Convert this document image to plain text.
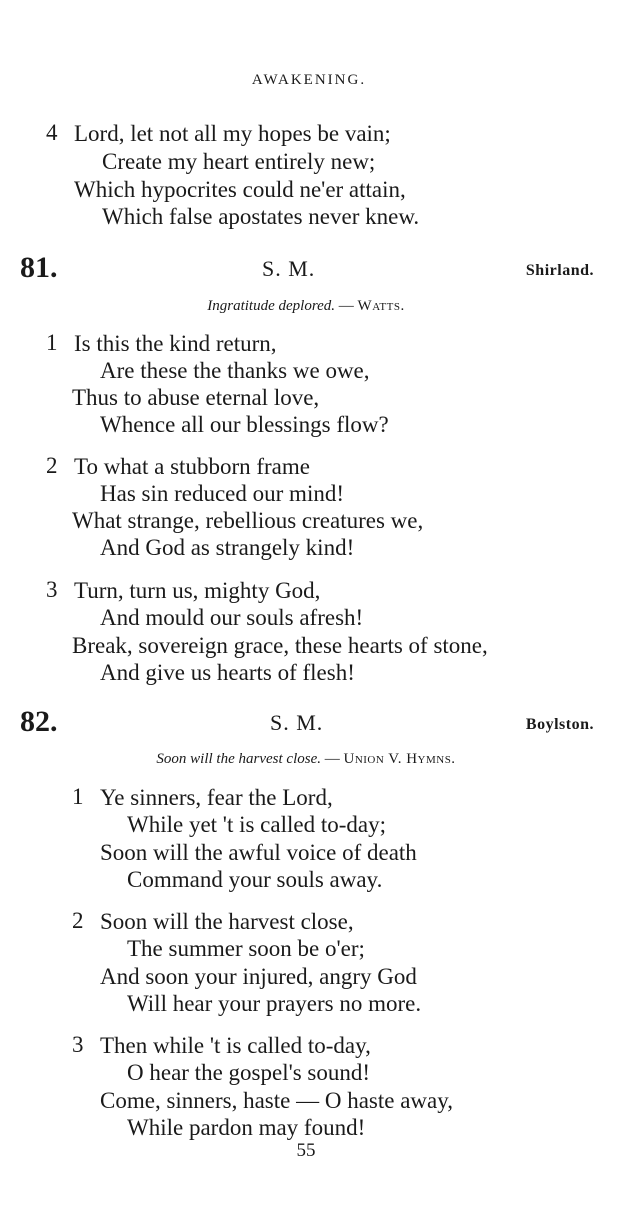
AWAKENING.
4 Lord, let not all my hopes be vain;
Create my heart entirely new;
Which hypocrites could ne'er attain,
Which false apostates never knew.
81.	S. M.	Shirland.
Ingratitude deplored. — Watts.
1 Is this the kind return,
Are these the thanks we owe,
Thus to abuse eternal love,
Whence all our blessings flow?
2 To what a stubborn frame
Has sin reduced our mind!
What strange, rebellious creatures we,
And God as strangely kind!
3 Turn, turn us, mighty God,
And mould our souls afresh!
Break, sovereign grace, these hearts of stone,
And give us hearts of flesh!
82.	S. M.	Boylston.
Soon will the harvest close. — Union V. Hymns.
1 Ye sinners, fear the Lord,
While yet 't is called to-day;
Soon will the awful voice of death
Command your souls away.
2 Soon will the harvest close,
The summer soon be o'er;
And soon your injured, angry God
Will hear your prayers no more.
3 Then while 't is called to-day,
O hear the gospel's sound!
Come, sinners, haste — O haste away,
While pardon may found!
55
